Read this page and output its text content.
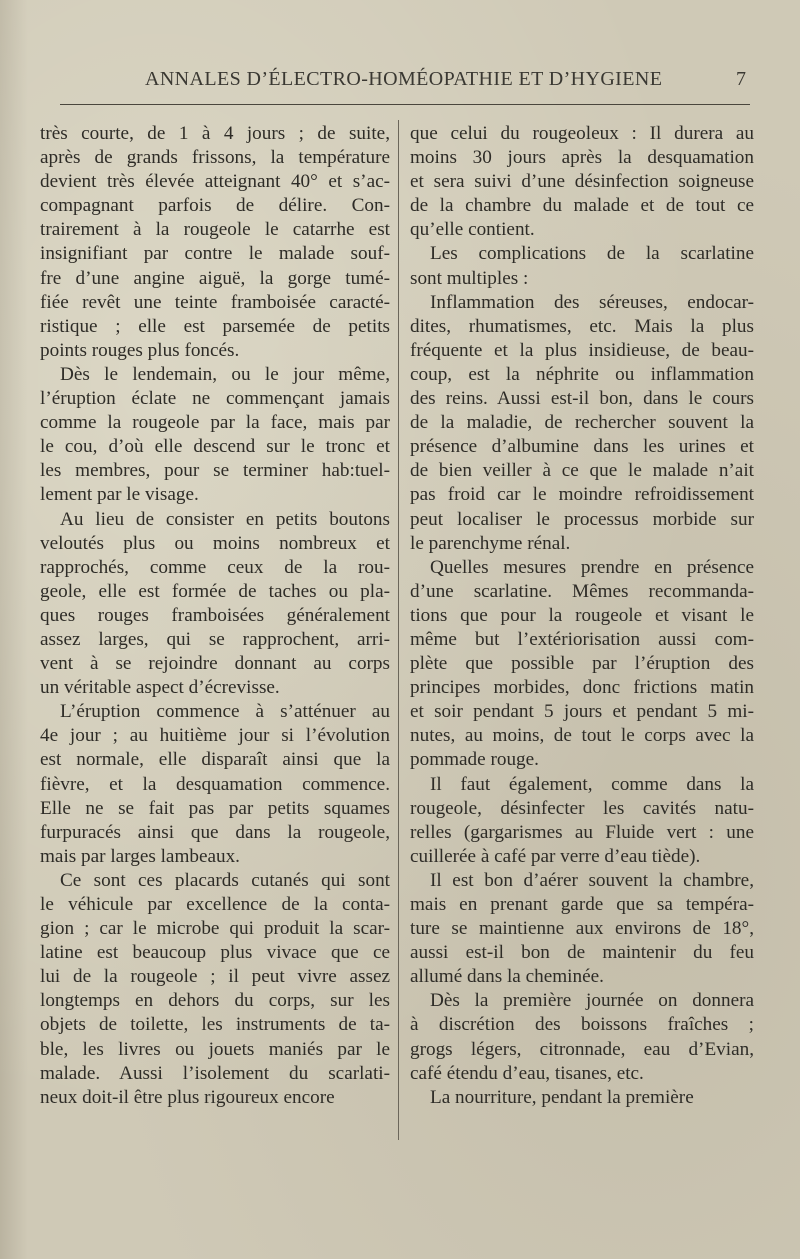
ANNALES D’ÉLECTRO-HOMÉOPATHIE ET D’HYGIENE	7
très courte, de 1 à 4 jours ; de suite,
après de grands frissons, la température
devient très élevée atteignant 40° et s’ac-
compagnant parfois de délire. Con-
trairement à la rougeole le catarrhe est
insignifiant par contre le malade souf-
fre d’une angine aiguë, la gorge tumé-
fiée revêt une teinte framboisée caracté-
ristique ; elle est parsemée de petits
points rouges plus foncés.
Dès le lendemain, ou le jour même,
l’éruption éclate ne commençant jamais
comme la rougeole par la face, mais par
le cou, d’où elle descend sur le tronc et
les membres, pour se terminer hab:tuel-
lement par le visage.
Au lieu de consister en petits boutons
veloutés plus ou moins nombreux et
rapprochés, comme ceux de la rou-
geole, elle est formée de taches ou pla-
ques rouges framboisées généralement
assez larges, qui se rapprochent, arri-
vent à se rejoindre donnant au corps
un véritable aspect d’écrevisse.
L’éruption commence à s’atténuer au
4e jour ; au huitième jour si l’évolution
est normale, elle disparaît ainsi que la
fièvre, et la desquamation commence.
Elle ne se fait pas par petits squames
furpuracés ainsi que dans la rougeole,
mais par larges lambeaux.
Ce sont ces placards cutanés qui sont
le véhicule par excellence de la conta-
gion ; car le microbe qui produit la scar-
latine est beaucoup plus vivace que ce
lui de la rougeole ; il peut vivre assez
longtemps en dehors du corps, sur les
objets de toilette, les instruments de ta-
ble, les livres ou jouets maniés par le
malade. Aussi l’isolement du scarlati-
neux doit-il être plus rigoureux encore
que celui du rougeoleux : Il durera au
moins 30 jours après la desquamation
et sera suivi d’une désinfection soigneuse
de la chambre du malade et de tout ce
qu’elle contient.
Les complications de la scarlatine
sont multiples :
Inflammation des séreuses, endocar-
dites, rhumatismes, etc. Mais la plus
fréquente et la plus insidieuse, de beau-
coup, est la néphrite ou inflammation
des reins. Aussi est-il bon, dans le cours
de la maladie, de rechercher souvent la
présence d’albumine dans les urines et
de bien veiller à ce que le malade n’ait
pas froid car le moindre refroidissement
peut localiser le processus morbide sur
le parenchyme rénal.
Quelles mesures prendre en présence
d’une scarlatine. Mêmes recommanda-
tions que pour la rougeole et visant le
même but l’extériorisation aussi com-
plète que possible par l’éruption des
principes morbides, donc frictions matin
et soir pendant 5 jours et pendant 5 mi-
nutes, au moins, de tout le corps avec la
pommade rouge.
Il faut également, comme dans la
rougeole, désinfecter les cavités natu-
relles (gargarismes au Fluide vert : une
cuillerée à café par verre d’eau tiède).
Il est bon d’aérer souvent la chambre,
mais en prenant garde que sa tempéra-
ture se maintienne aux environs de 18°,
aussi est-il bon de maintenir du feu
allumé dans la cheminée.
Dès la première journée on donnera
à discrétion des boissons fraîches ;
grogs légers, citronnade, eau d’Evian,
café étendu d’eau, tisanes, etc.
La nourriture, pendant la première
